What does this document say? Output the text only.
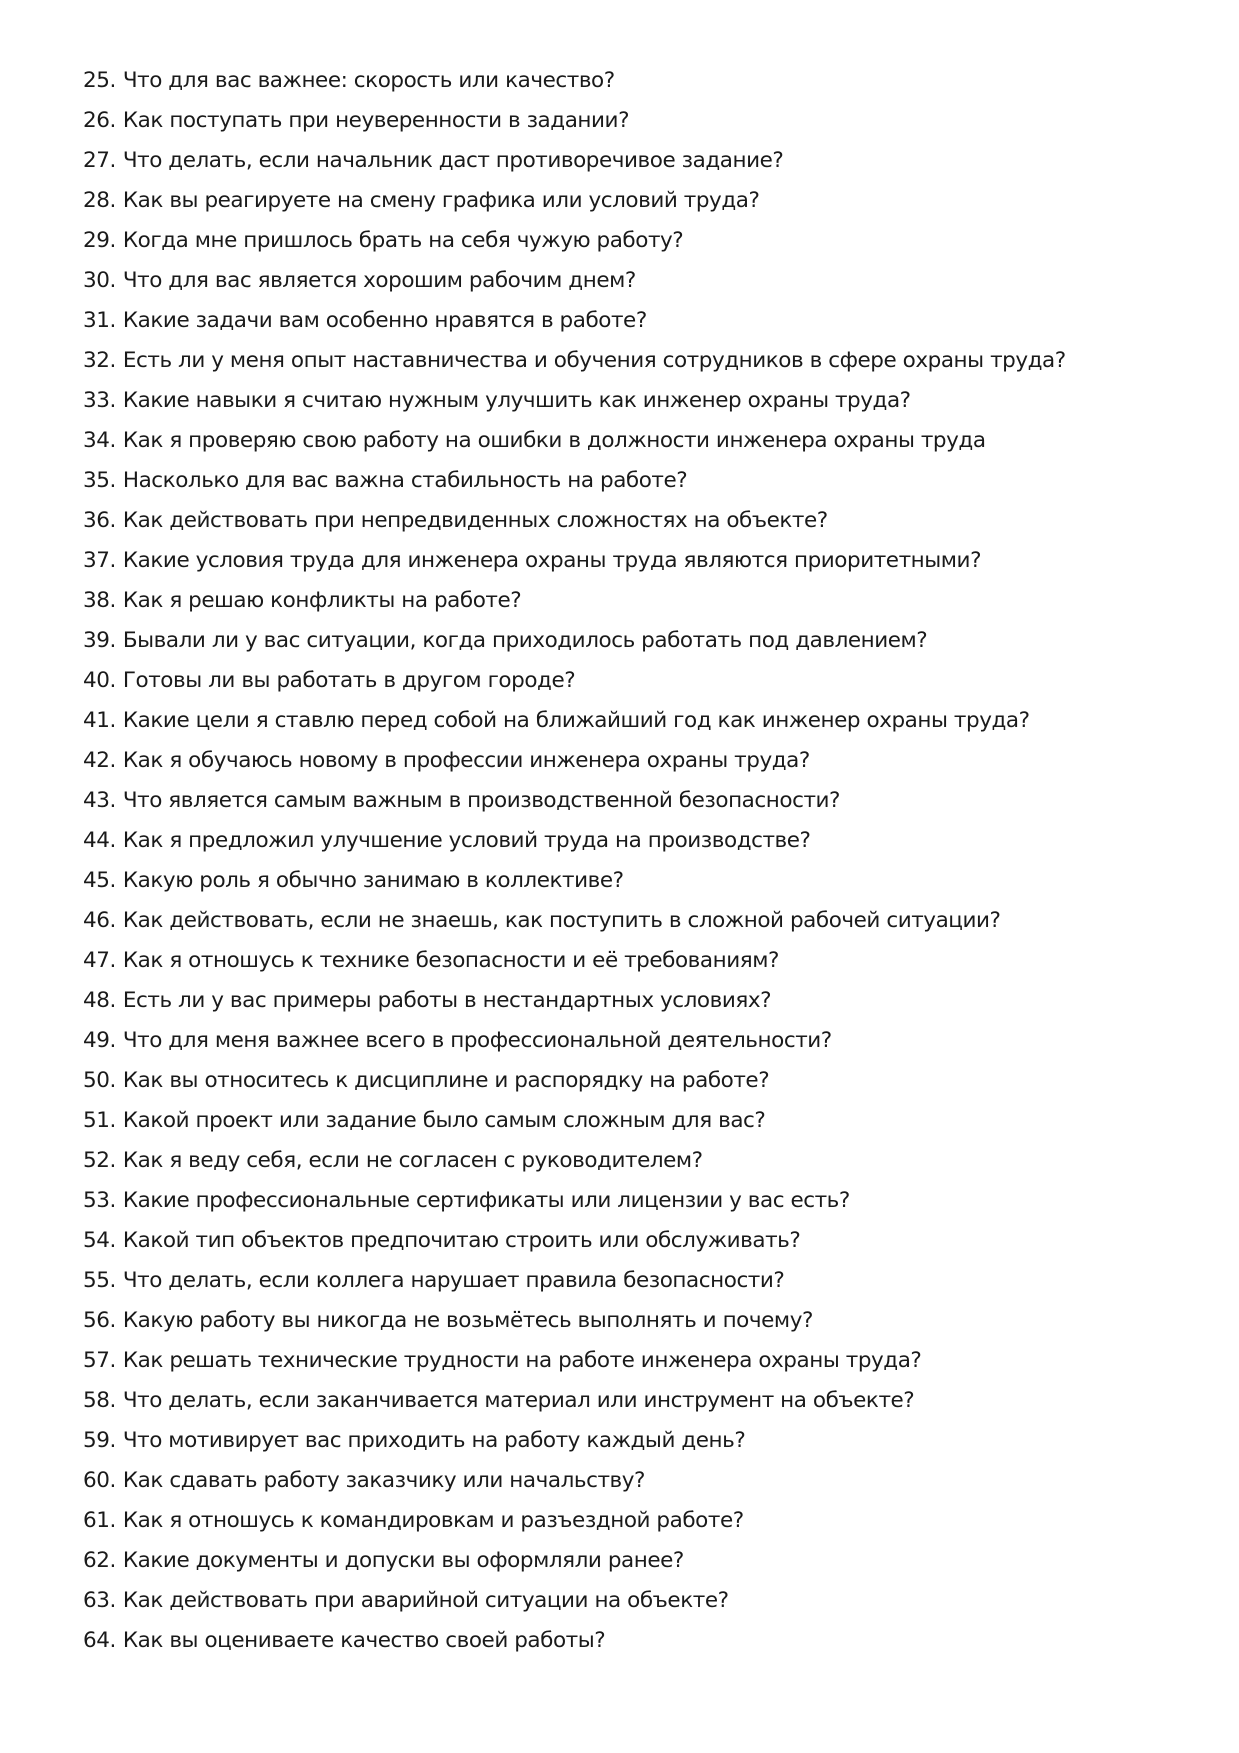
25 . Что для вас важнее: скорость или качество?
26 . Как поступать при неуверенности в задании?
27 . Что делать, если начальник даст противоречивое задание?
28 . Как вы реагируете на смену графика или условий труда?
29 . Когда мне пришлось брать на себя чужую работу?
30 . Что для вас является хорошим рабочим днем?
31 . Какие задачи вам особенно нравятся в работе?
32 . Есть ли у меня опыт наставничества и обучения сотрудников в сфере охраны труда?
33 . Какие навыки я считаю нужным улучшить как инженер охраны труда?
34 . Как я проверяю свою работу на ошибки в должности инженера охраны труда
35 . Насколько для вас важна стабильность на работе?
36 . Как действовать при непредвиденных сложностях на объекте?
37 . Какие условия труда для инженера охраны труда являются приоритетными?
38 . Как я решаю конфликты на работе?
39 . Бывали ли у вас ситуации, когда приходилось работать под давлением?
40 . Готовы ли вы работать в другом городе?
41 . Какие цели я ставлю перед собой на ближайший год как инженер охраны труда?
42 . Как я обучаюсь новому в профессии инженера охраны труда?
43 . Что является самым важным в производственной безопасности?
44 . Как я предложил улучшение условий труда на производстве?
45 . Какую роль я обычно занимаю в коллективе?
46 . Как действовать, если не знаешь, как поступить в сложной рабочей ситуации?
47 . Как я отношусь к технике безопасности и её требованиям?
48 . Есть ли у вас примеры работы в нестандартных условиях?
49 . Что для меня важнее всего в профессиональной деятельности?
50 . Как вы относитесь к дисциплине и распорядку на работе?
51 . Какой проект или задание было самым сложным для вас?
52 . Как я веду себя, если не согласен с руководителем?
53 . Какие профессиональные сертификаты или лицензии у вас есть?
54 . Какой тип объектов предпочитаю строить или обслуживать?
55 . Что делать, если коллега нарушает правила безопасности?
56 . Какую работу вы никогда не возьмётесь выполнять и почему?
57 . Как решать технические трудности на работе инженера охраны труда?
58 . Что делать, если заканчивается материал или инструмент на объекте?
59 . Что мотивирует вас приходить на работу каждый день?
60 . Как сдавать работу заказчику или начальству?
61 . Как я отношусь к командировкам и разъездной работе?
62 . Какие документы и допуски вы оформляли ранее?
63 . Как действовать при аварийной ситуации на объекте?
64 . Как вы оцениваете качество своей работы?
